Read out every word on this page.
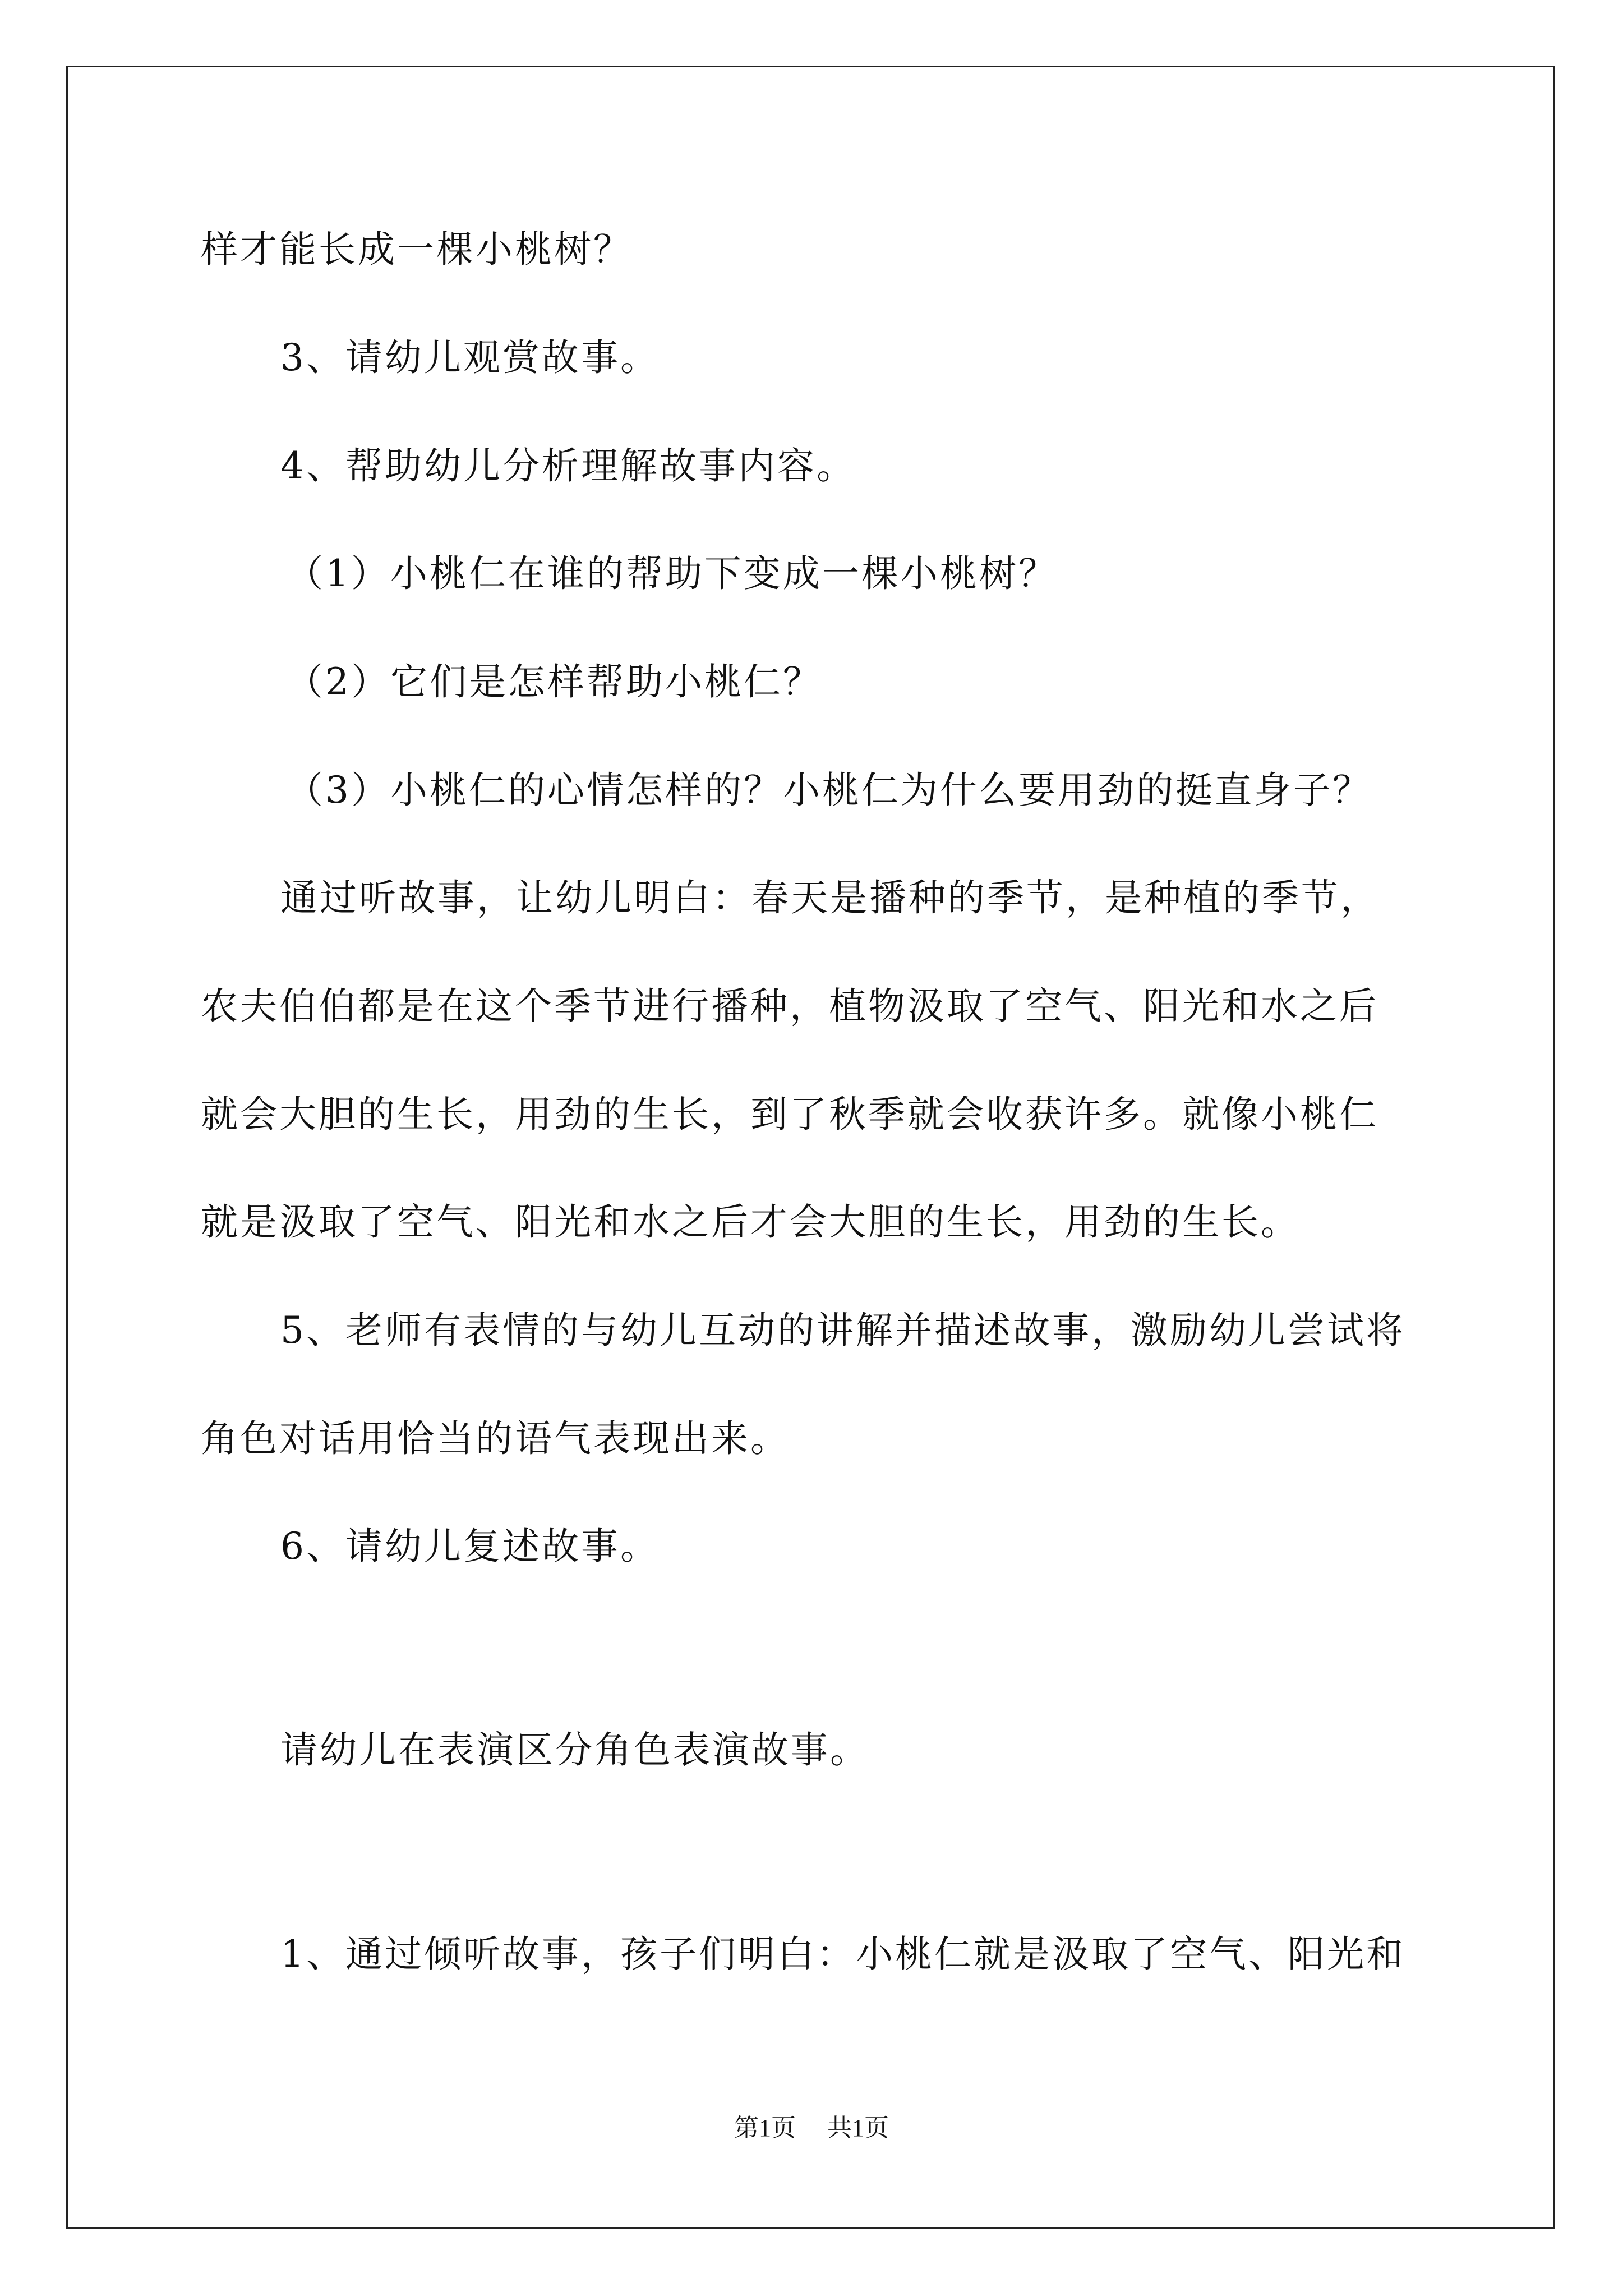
样才能长成一棵小桃树？
3、请幼儿观赏故事。
4、帮助幼儿分析理解故事内容。
（1）小桃仁在谁的帮助下变成一棵小桃树？
（2）它们是怎样帮助小桃仁？
（3）小桃仁的心情怎样的？小桃仁为什么要用劲的挺直身子？
通过听故事，让幼儿明白：春天是播种的季节，是种植的季节，
农夫伯伯都是在这个季节进行播种，植物汲取了空气、阳光和水之后
就会大胆的生长，用劲的生长，到了秋季就会收获许多。就像小桃仁
就是汲取了空气、阳光和水之后才会大胆的生长，用劲的生长。
5、老师有表情的与幼儿互动的讲解并描述故事，激励幼儿尝试将
角色对话用恰当的语气表现出来。
6、请幼儿复述故事。
请幼儿在表演区分角色表演故事。
1、通过倾听故事，孩子们明白：小桃仁就是汲取了空气、阳光和
第1页 共1页
